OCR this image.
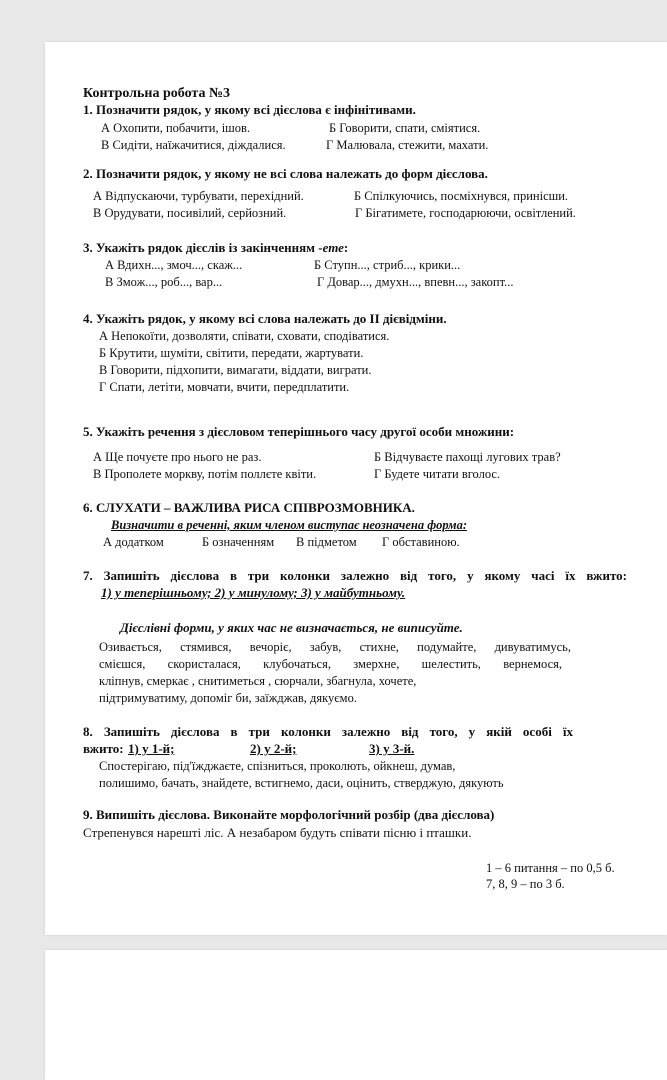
Контрольна робота №3
1. Позначити рядок, у якому всі дієслова є інфінітивами.
А Охопити, побачити, ішов.	Б Говорити, спати, сміятися.
В Сидіти, наїжачитися, діждалися.	Г Малювала, стежити, махати.
2. Позначити рядок, у якому не всі слова належать до форм дієслова.
А Відпускаючи, турбувати, перехідний.	Б Спілкуючись, посміхнувся, принісши.
В Орудувати, посивілий, серйозний.	Г Бігатимете, господарюючи, освітлений.
3. Укажіть рядок дієслів із закінченням -ете:
А Вдихн..., змоч..., скаж...	Б Ступн..., стриб..., крики...
В Змож..., роб..., вар...	Г Довар..., дмухн..., впевн..., закопт...
4. Укажіть рядок, у якому всі слова належать до ІІ дієвідміни.
А Непокоїти, дозволяти, співати, сховати, сподіватися.
Б Крутити, шуміти, світити, передати, жартувати.
В Говорити, підхопити, вимагати, віддати, виграти.
Г Спати, летіти, мовчати, вчити, передплатити.
5. Укажіть речення з дієсловом теперішнього часу другої особи множини:
А Ще почуєте про нього не раз.	Б Відчуваєте пахощі лугових трав?
В Прополете моркву, потім поллєте квіти.	Г Будете читати вголос.
6. СЛУХАТИ – ВАЖЛИВА РИСА СПІВРОЗМОВНИКА.
Визначити в реченні, яким членом виступає неозначена форма:
А додатком	Б означенням В підметом Г обставиною.
7. Запишіть дієслова в три колонки залежно від того, у якому часі їх вжито:
1) у теперішньому; 2) у минулому; 3) у майбутньому.
Дієслівні форми, у яких час не визначається, не виписуйте.
Озивається, стямився, вечоріє, забув, стихне, подумайте, дивуватимусь,
смієшся, скористалася, клубочаться, змерхне, шелестить, вернемося,
кліпнув, смеркає , снитиметься , сюрчали, збагнула, хочете,
підтримуватиму, допоміг би, заїжджав, дякуємо.
8. Запишіть дієслова в три колонки залежно від того, у якій особі їх
вжито: 1) у 1-й;	2) у 2-й;	3) у 3-й.
Спостерігаю, під'їжджаєте, спізниться, проколють, ойкнеш, думав,
полишимо, бачать, знайдете, встигнемо, даси, оцінить, стверджую, дякують
9. Випишіть дієслова. Виконайте морфологічний розбір (два дієслова)
Стрепенувся нарешті ліс. А незабаром будуть співати пісню і пташки.
1 – 6 питання – по 0,5 б.
7, 8, 9 – по 3 б.
